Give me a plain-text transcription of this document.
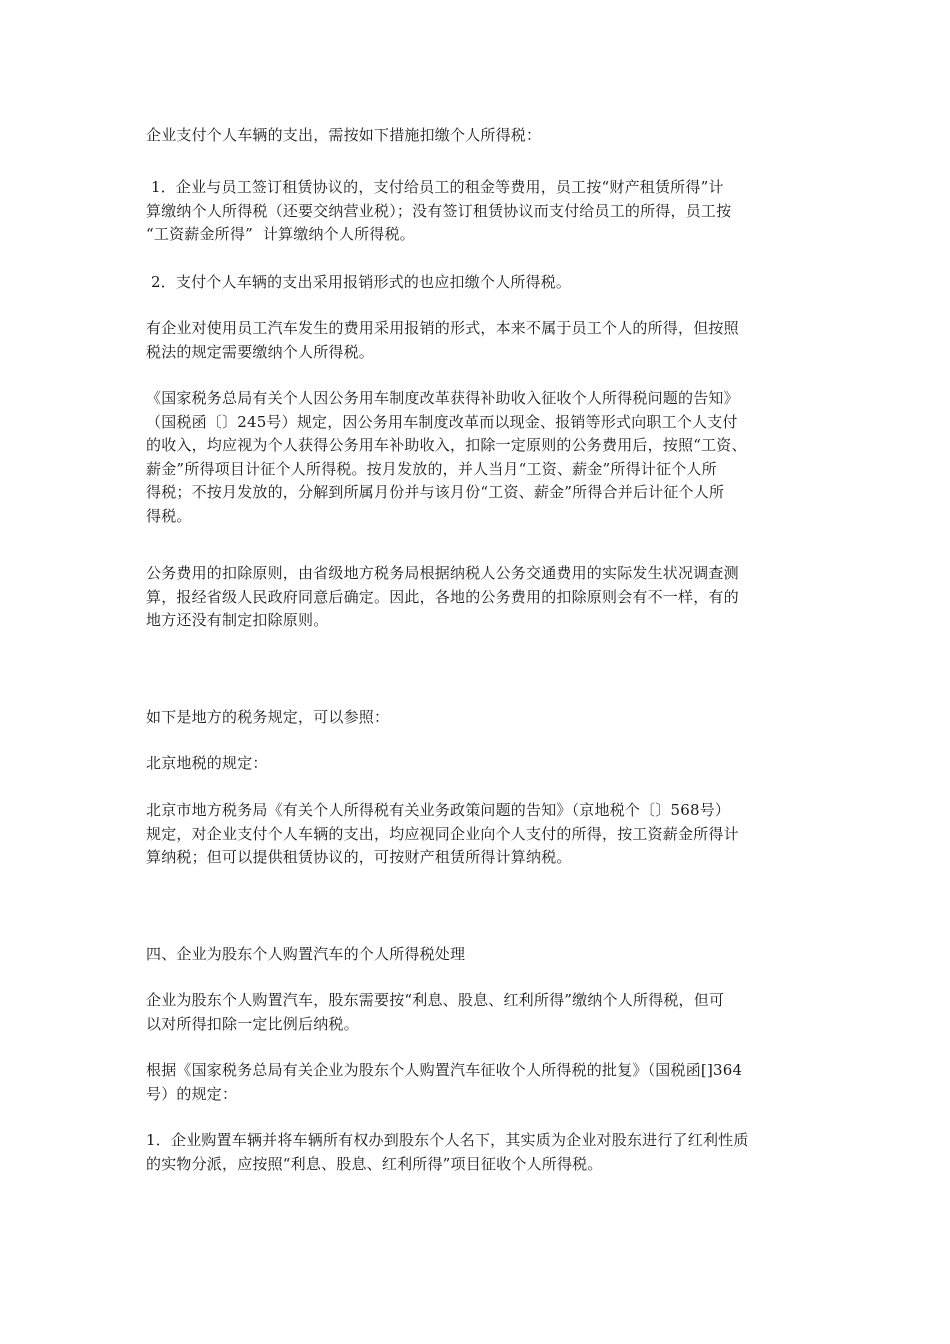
企业支付个人车辆的支出，需按如下措施扣缴个人所得税：

1．企业与员工签订租赁协议的，支付给员工的租金等费用，员工按“财产租赁所得”计
算缴纳个人所得税（还要交纳营业税）；没有签订租赁协议而支付给员工的所得，员工按
“工资薪金所得”  计算缴纳个人所得税。

2．支付个人车辆的支出采用报销形式的也应扣缴个人所得税。

有企业对使用员工汽车发生的费用采用报销的形式，本来不属于员工个人的所得，但按照
税法的规定需要缴纳个人所得税。

《国家税务总局有关个人因公务用车制度改革获得补助收入征收个人所得税问题的告知》
（国税函〔〕245号）规定，因公务用车制度改革而以现金、报销等形式向职工个人支付
的收入，均应视为个人获得公务用车补助收入，扣除一定原则的公务费用后，按照“工资、
薪金”所得项目计征个人所得税。按月发放的，并人当月“工资、薪金”所得计征个人所
得税；不按月发放的，分解到所属月份并与该月份“工资、薪金”所得合并后计征个人所
得税。

公务费用的扣除原则，由省级地方税务局根据纳税人公务交通费用的实际发生状况调查测
算，报经省级人民政府同意后确定。因此，各地的公务费用的扣除原则会有不一样，有的
地方还没有制定扣除原则。

如下是地方的税务规定，可以参照：

北京地税的规定：

北京市地方税务局《有关个人所得税有关业务政策问题的告知》（京地税个〔〕568号）
规定，对企业支付个人车辆的支出，均应视同企业向个人支付的所得，按工资薪金所得计
算纳税；但可以提供租赁协议的，可按财产租赁所得计算纳税。

四、企业为股东个人购置汽车的个人所得税处理

企业为股东个人购置汽车，股东需要按“利息、股息、红利所得”缴纳个人所得税，但可
以对所得扣除一定比例后纳税。

根据《国家税务总局有关企业为股东个人购置汽车征收个人所得税的批复》（国税函[]364
号）的规定：

1．企业购置车辆并将车辆所有权办到股东个人名下，其实质为企业对股东进行了红利性质
的实物分派，应按照“利息、股息、红利所得”项目征收个人所得税。
